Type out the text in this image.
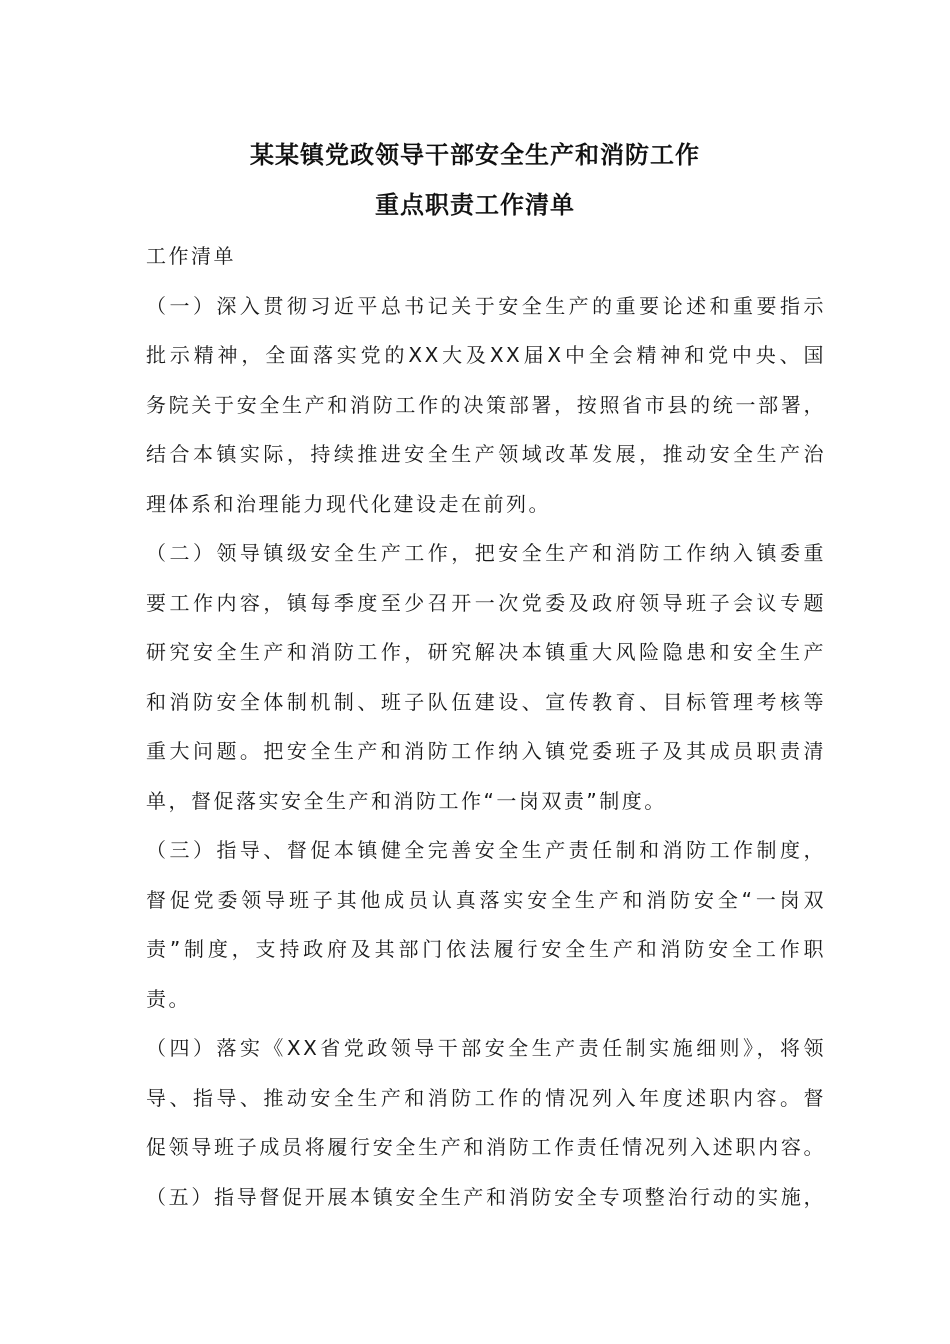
某某镇党政领导干部安全生产和消防工作
重点职责工作清单
工作清单
（一）深入贯彻习近平总书记关于安全生产的重要论述和重要指示
批示精神，全面落实党的XX大及XX届X中全会精神和党中央、国
务院关于安全生产和消防工作的决策部署，按照省市县的统一部署，
结合本镇实际，持续推进安全生产领域改革发展，推动安全生产治
理体系和治理能力现代化建设走在前列。
（二）领导镇级安全生产工作，把安全生产和消防工作纳入镇委重
要工作内容，镇每季度至少召开一次党委及政府领导班子会议专题
研究安全生产和消防工作，研究解决本镇重大风险隐患和安全生产
和消防安全体制机制、班子队伍建设、宣传教育、目标管理考核等
重大问题。把安全生产和消防工作纳入镇党委班子及其成员职责清
单，督促落实安全生产和消防工作“一岗双责”制度。
（三）指导、督促本镇健全完善安全生产责任制和消防工作制度，
督促党委领导班子其他成员认真落实安全生产和消防安全“一岗双
责”制度，支持政府及其部门依法履行安全生产和消防安全工作职
责。
（四）落实《XX省党政领导干部安全生产责任制实施细则》，将领
导、指导、推动安全生产和消防工作的情况列入年度述职内容。督
促领导班子成员将履行安全生产和消防工作责任情况列入述职内容。
（五）指导督促开展本镇安全生产和消防安全专项整治行动的实施，
